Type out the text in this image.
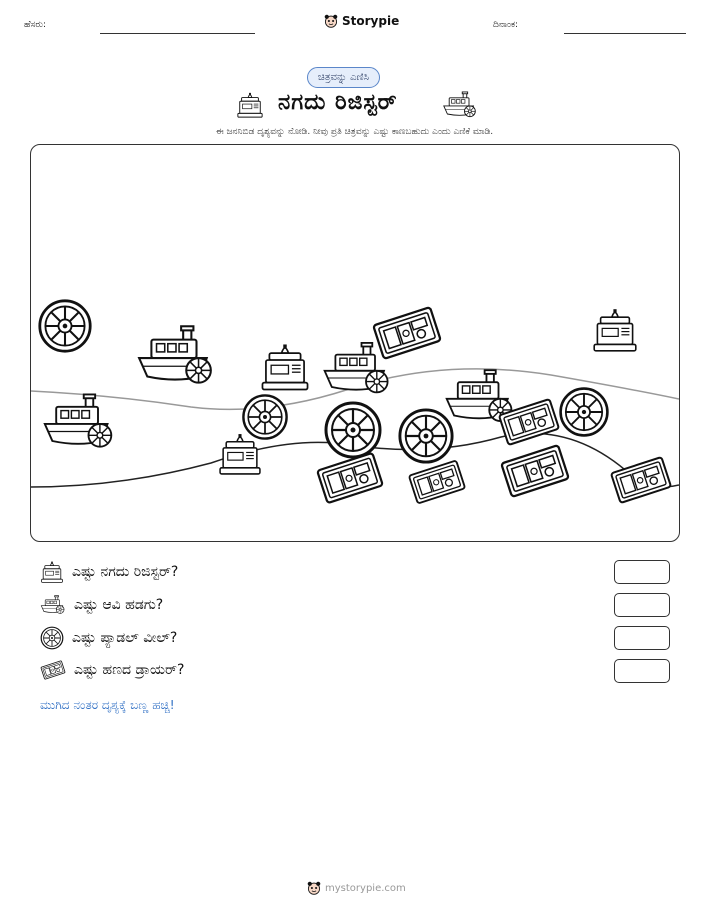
ಹೆಸರು:	Storypie	ದಿನಾಂಕ:
ಚಿತ್ರವನ್ನು ಎಣಿಸಿ
ನಗದು ರಿಜಿಸ್ಟರ್
ಈ ಜನನಿಬಿಡ ದೃಶ್ಯವನ್ನು ನೋಡಿ. ನೀವು ಪ್ರತಿ ಚಿತ್ರವನ್ನು ಎಷ್ಟು ಕಾಣಬಹುದು ಎಂದು ಎಣಿಕೆ ಮಾಡಿ.
ಎಷ್ಟು ನಗದು ರಿಜಿಸ್ಟರ್?
ಎಷ್ಟು ಆವಿ ಹಡಗು?
ಎಷ್ಟು ಪ್ಯಾಡಲ್ ವೀಲ್?
ಎಷ್ಟು ಹಣದ ಡ್ರಾಯರ್?
ಮುಗಿದ ನಂತರ ದೃಶ್ಯಕ್ಕೆ ಬಣ್ಣ ಹಚ್ಚಿ!
mystorypie.com
